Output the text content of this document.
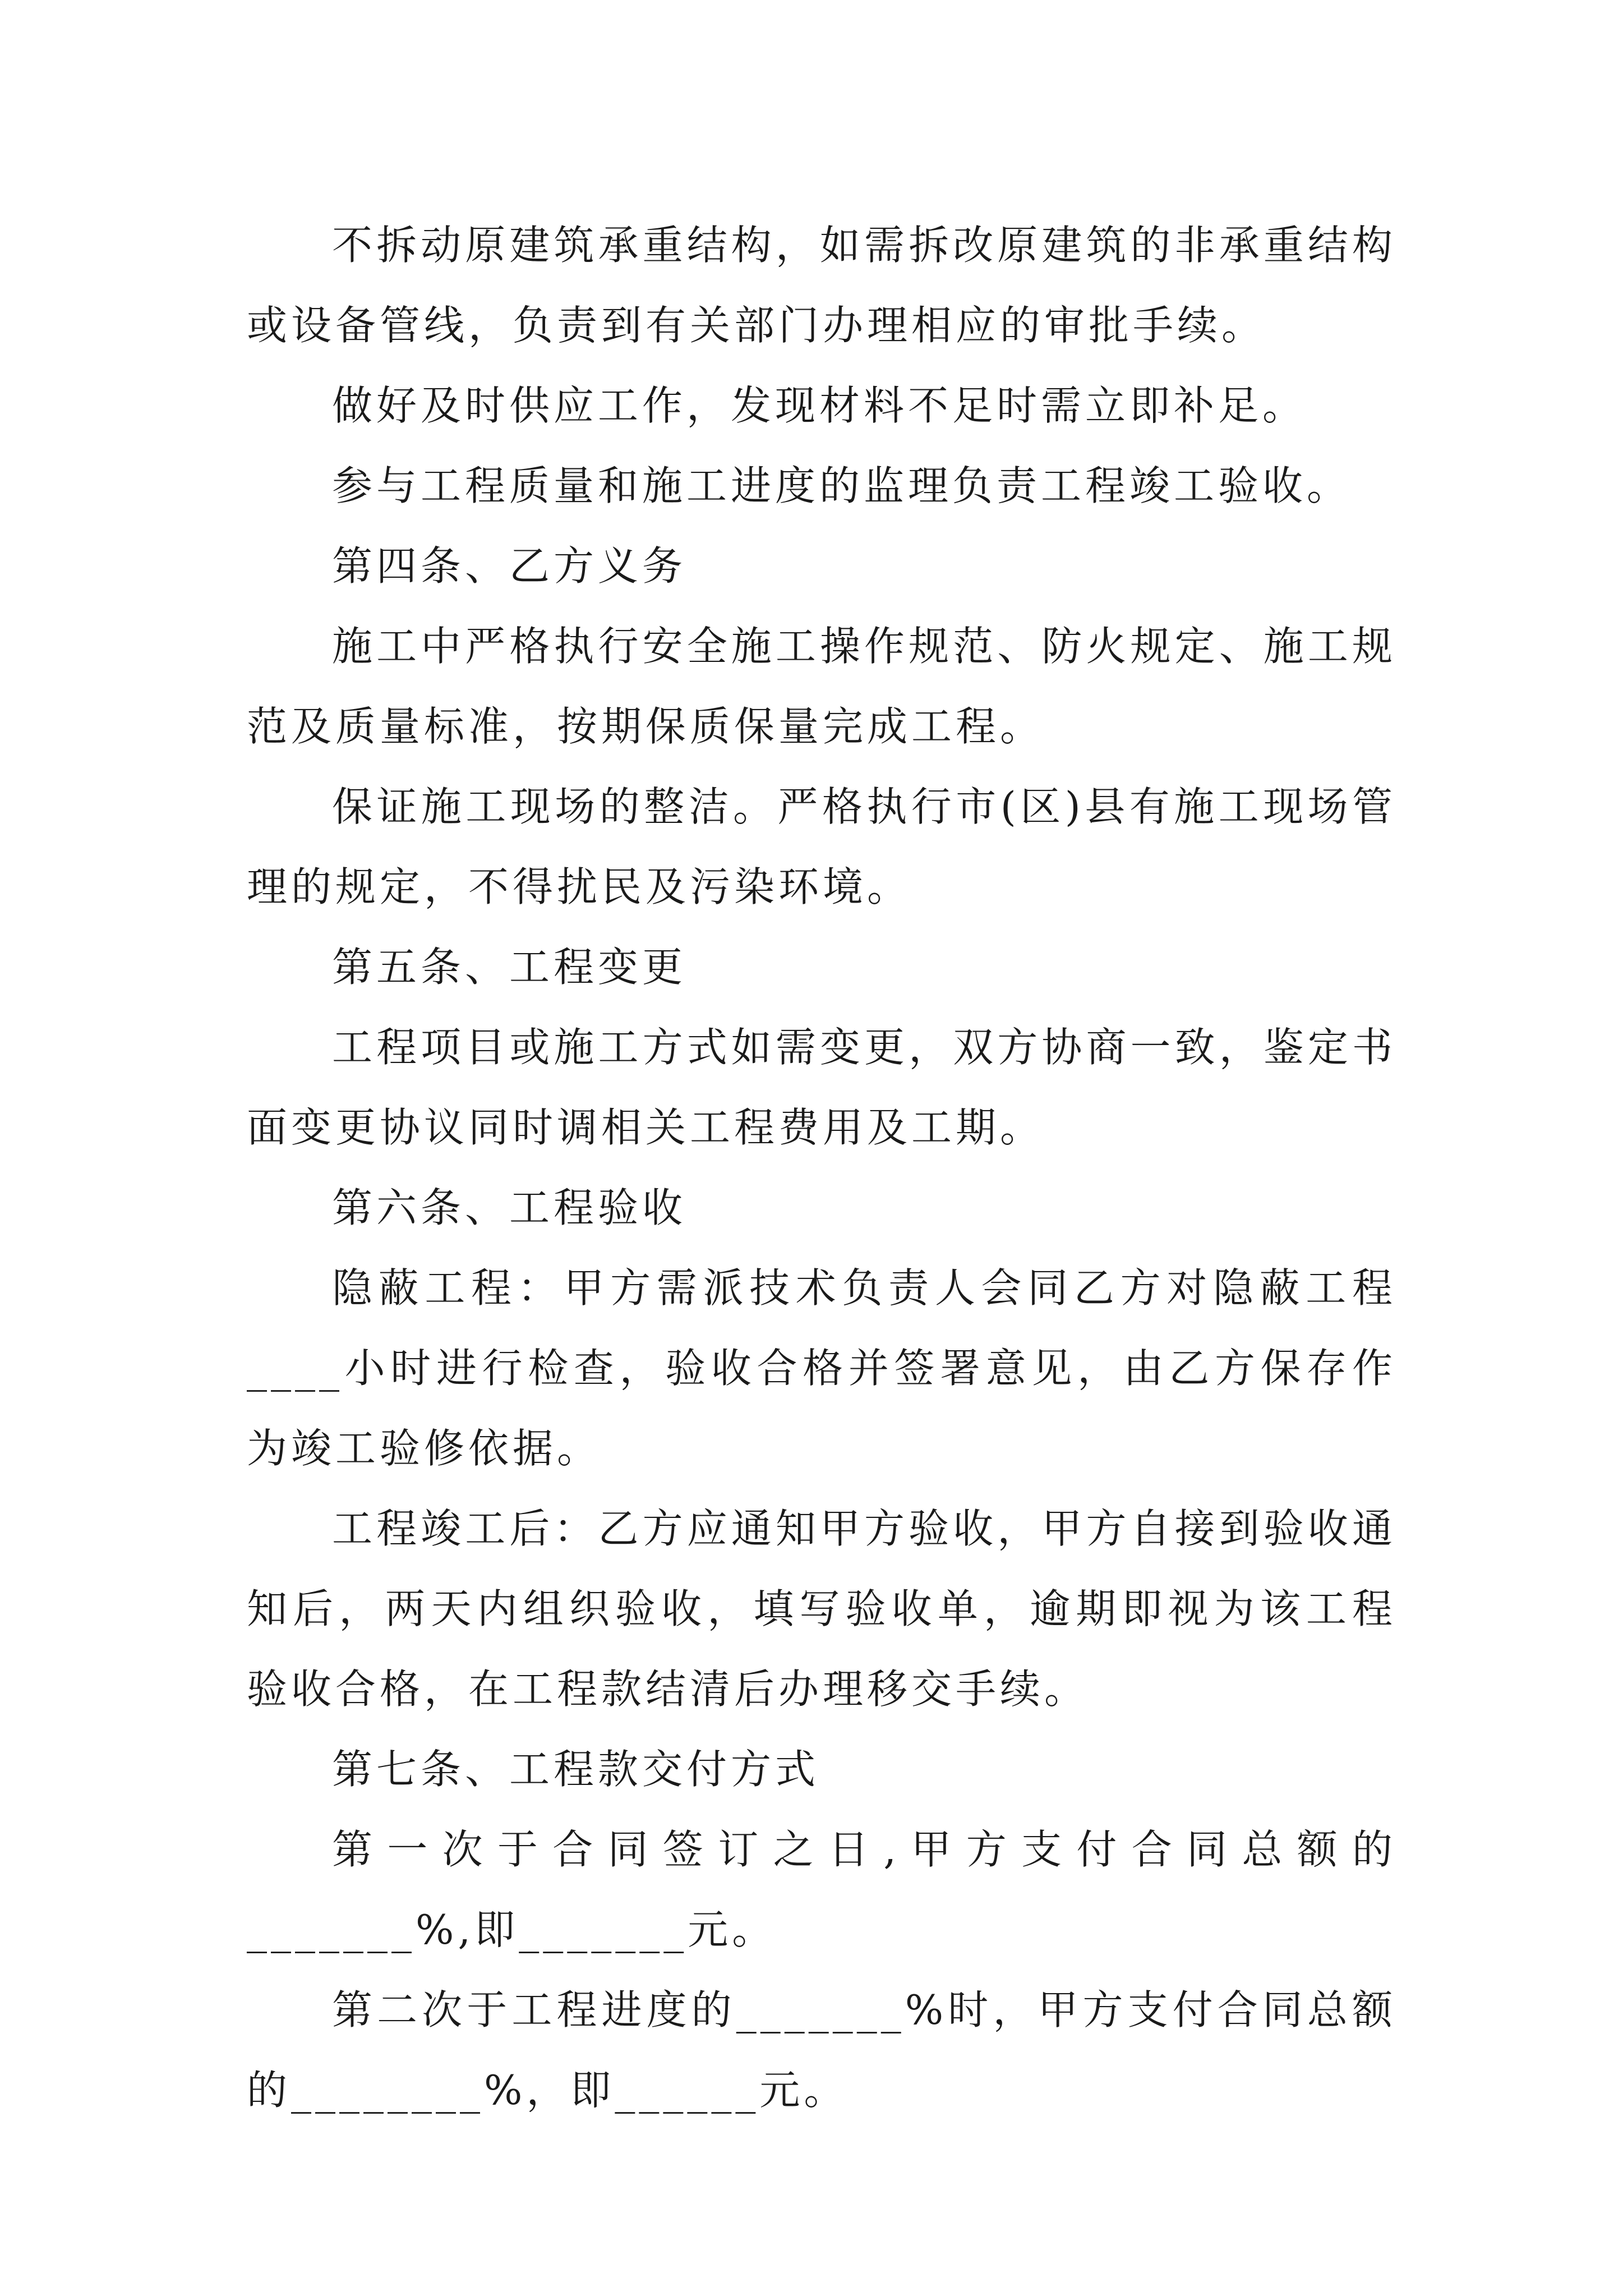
不拆动原建筑承重结构，如需拆改原建筑的非承重结构或设备管线，负责到有关部门办理相应的审批手续。

做好及时供应工作，发现材料不足时需立即补足。

参与工程质量和施工进度的监理负责工程竣工验收。

第四条、乙方义务

施工中严格执行安全施工操作规范、防火规定、施工规范及质量标准，按期保质保量完成工程。

保证施工现场的整洁。严格执行市(区)县有施工现场管理的规定，不得扰民及污染环境。

第五条、工程变更

工程项目或施工方式如需变更，双方协商一致，鉴定书面变更协议同时调相关工程费用及工期。

第六条、工程验收

隐蔽工程：甲方需派技术负责人会同乙方对隐蔽工程____小时进行检查，验收合格并签署意见，由乙方保存作为竣工验修依据。

工程竣工后：乙方应通知甲方验收，甲方自接到验收通知后，两天内组织验收，填写验收单，逾期即视为该工程验收合格，在工程款结清后办理移交手续。

第七条、工程款交付方式

第一次于合同签订之日,甲方支付合同总额的_______%,即_______元。

第二次于工程进度的_______%时，甲方支付合同总额的________%，即______元。
